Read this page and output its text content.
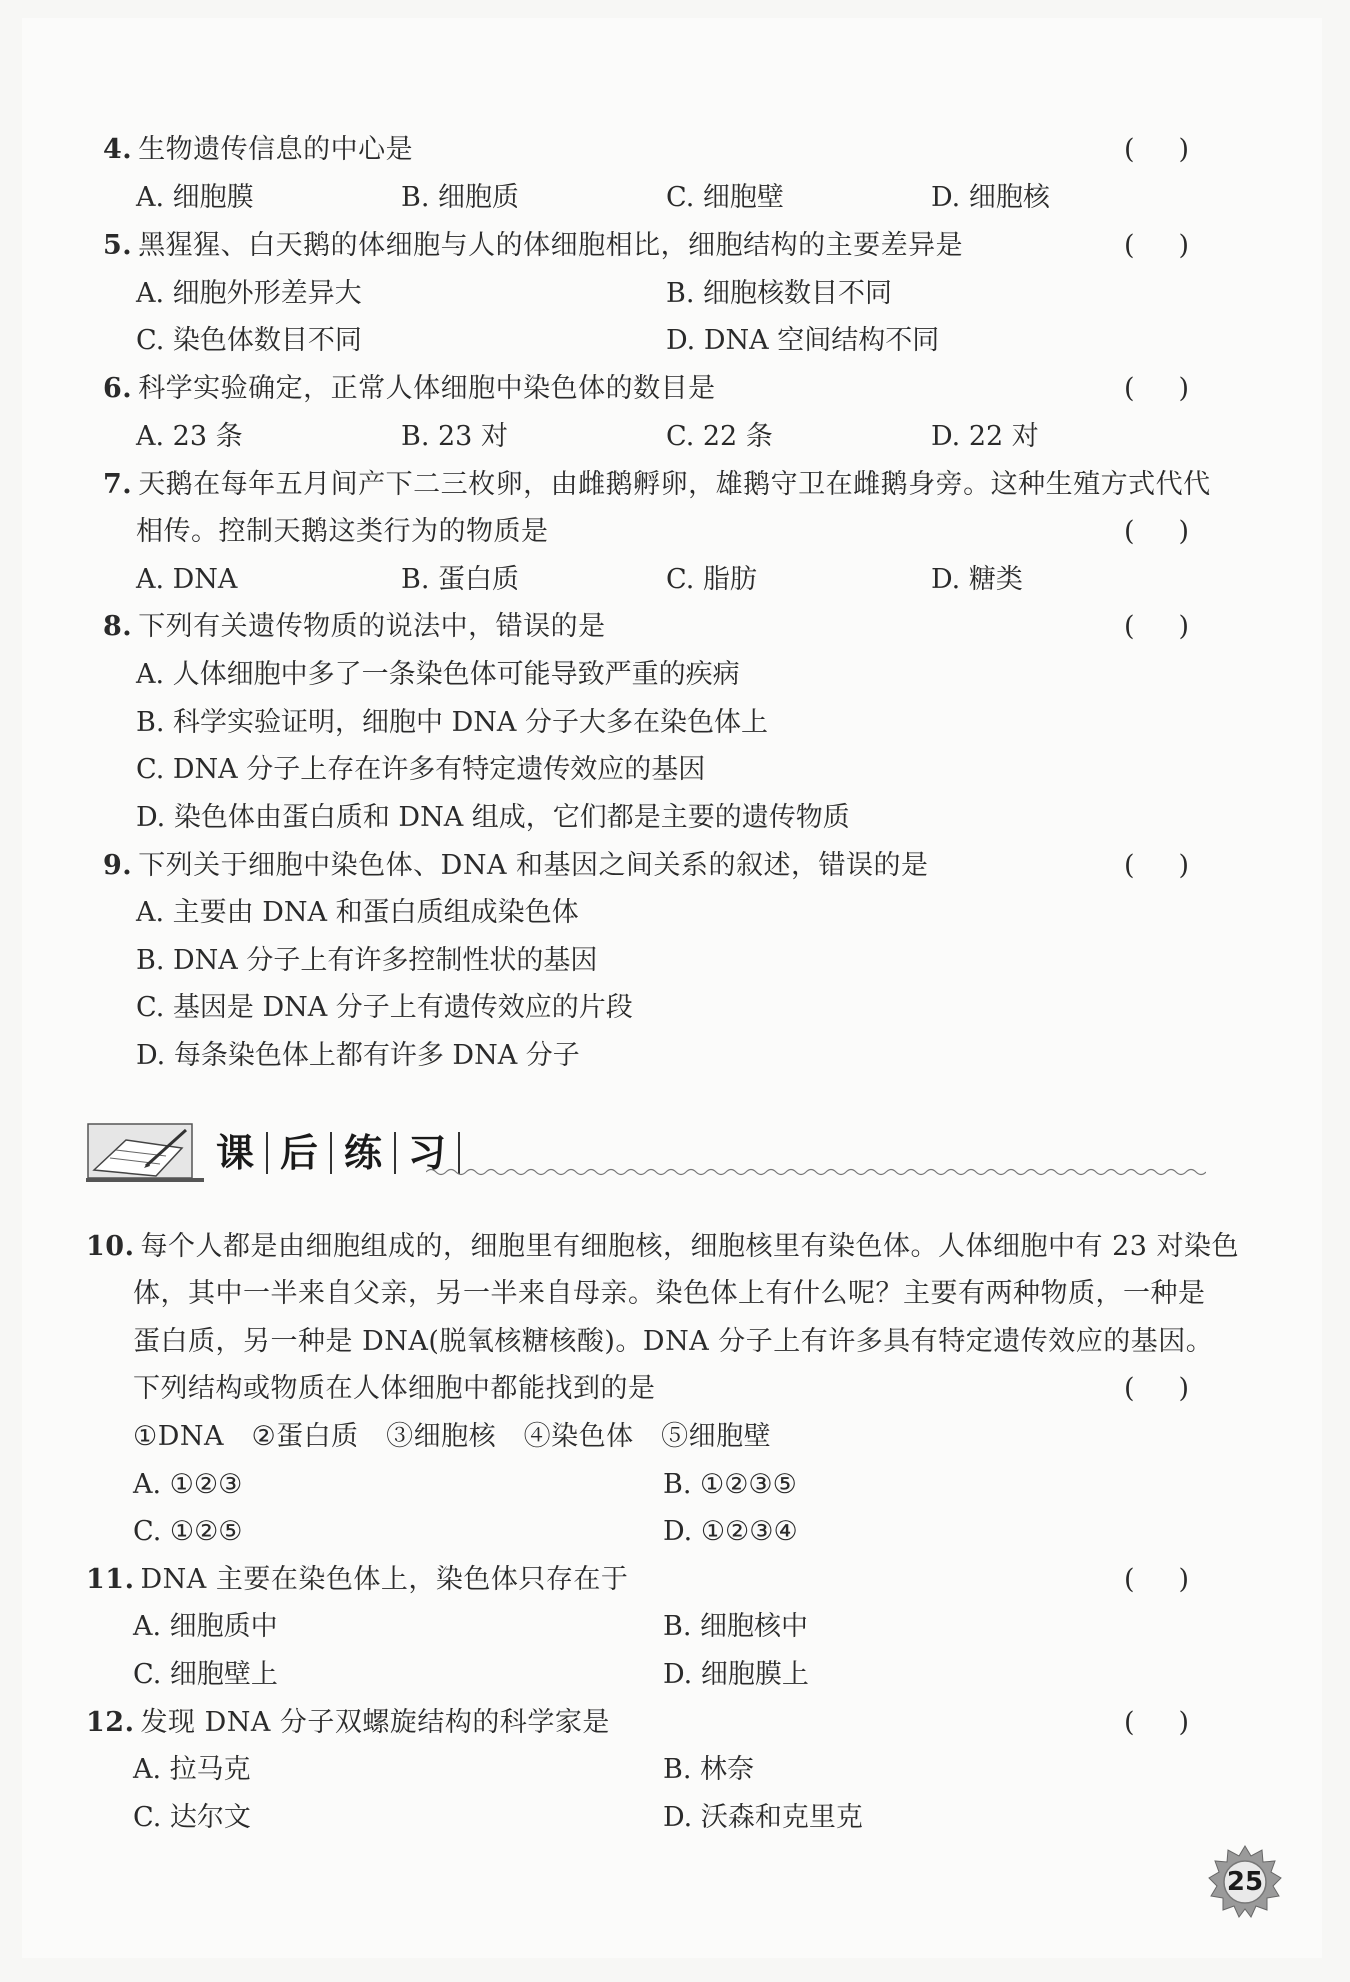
4. 生物遗传信息的中心是	()
A. 细胞膜	B. 细胞质	C. 细胞壁	D. 细胞核
5. 黑猩猩、白天鹅的体细胞与人的体细胞相比，细胞结构的主要差异是	()
A. 细胞外形差异大	B. 细胞核数目不同
C. 染色体数目不同	D. DNA 空间结构不同
6. 科学实验确定，正常人体细胞中染色体的数目是	()
A. 23 条	B. 23 对	C. 22 条	D. 22 对
7. 天鹅在每年五月间产下二三枚卵，由雌鹅孵卵，雄鹅守卫在雌鹅身旁。这种生殖方式代代
相传。控制天鹅这类行为的物质是	()
A. DNA	B. 蛋白质	C. 脂肪	D. 糖类
8. 下列有关遗传物质的说法中，错误的是	()
A. 人体细胞中多了一条染色体可能导致严重的疾病
B. 科学实验证明，细胞中 DNA 分子大多在染色体上
C. DNA 分子上存在许多有特定遗传效应的基因
D. 染色体由蛋白质和 DNA 组成，它们都是主要的遗传物质
9. 下列关于细胞中染色体、DNA 和基因之间关系的叙述，错误的是	()
A. 主要由 DNA 和蛋白质组成染色体
B. DNA 分子上有许多控制性状的基因
C. 基因是 DNA 分子上有遗传效应的片段
D. 每条染色体上都有许多 DNA 分子
课 后 练 习
10. 每个人都是由细胞组成的，细胞里有细胞核，细胞核里有染色体。人体细胞中有 23 对染色
体，其中一半来自父亲，另一半来自母亲。染色体上有什么呢？主要有两种物质，一种是
蛋白质，另一种是 DNA(脱氧核糖核酸)。DNA 分子上有许多具有特定遗传效应的基因。
下列结构或物质在人体细胞中都能找到的是	()
①DNA　②蛋白质　③细胞核　④染色体　⑤细胞壁
A. ①②③	B. ①②③⑤
C. ①②⑤	D. ①②③④
11. DNA 主要在染色体上，染色体只存在于	()
A. 细胞质中	B. 细胞核中
C. 细胞壁上	D. 细胞膜上
12. 发现 DNA 分子双螺旋结构的科学家是	()
A. 拉马克	B. 林奈
C. 达尔文	D. 沃森和克里克
25
